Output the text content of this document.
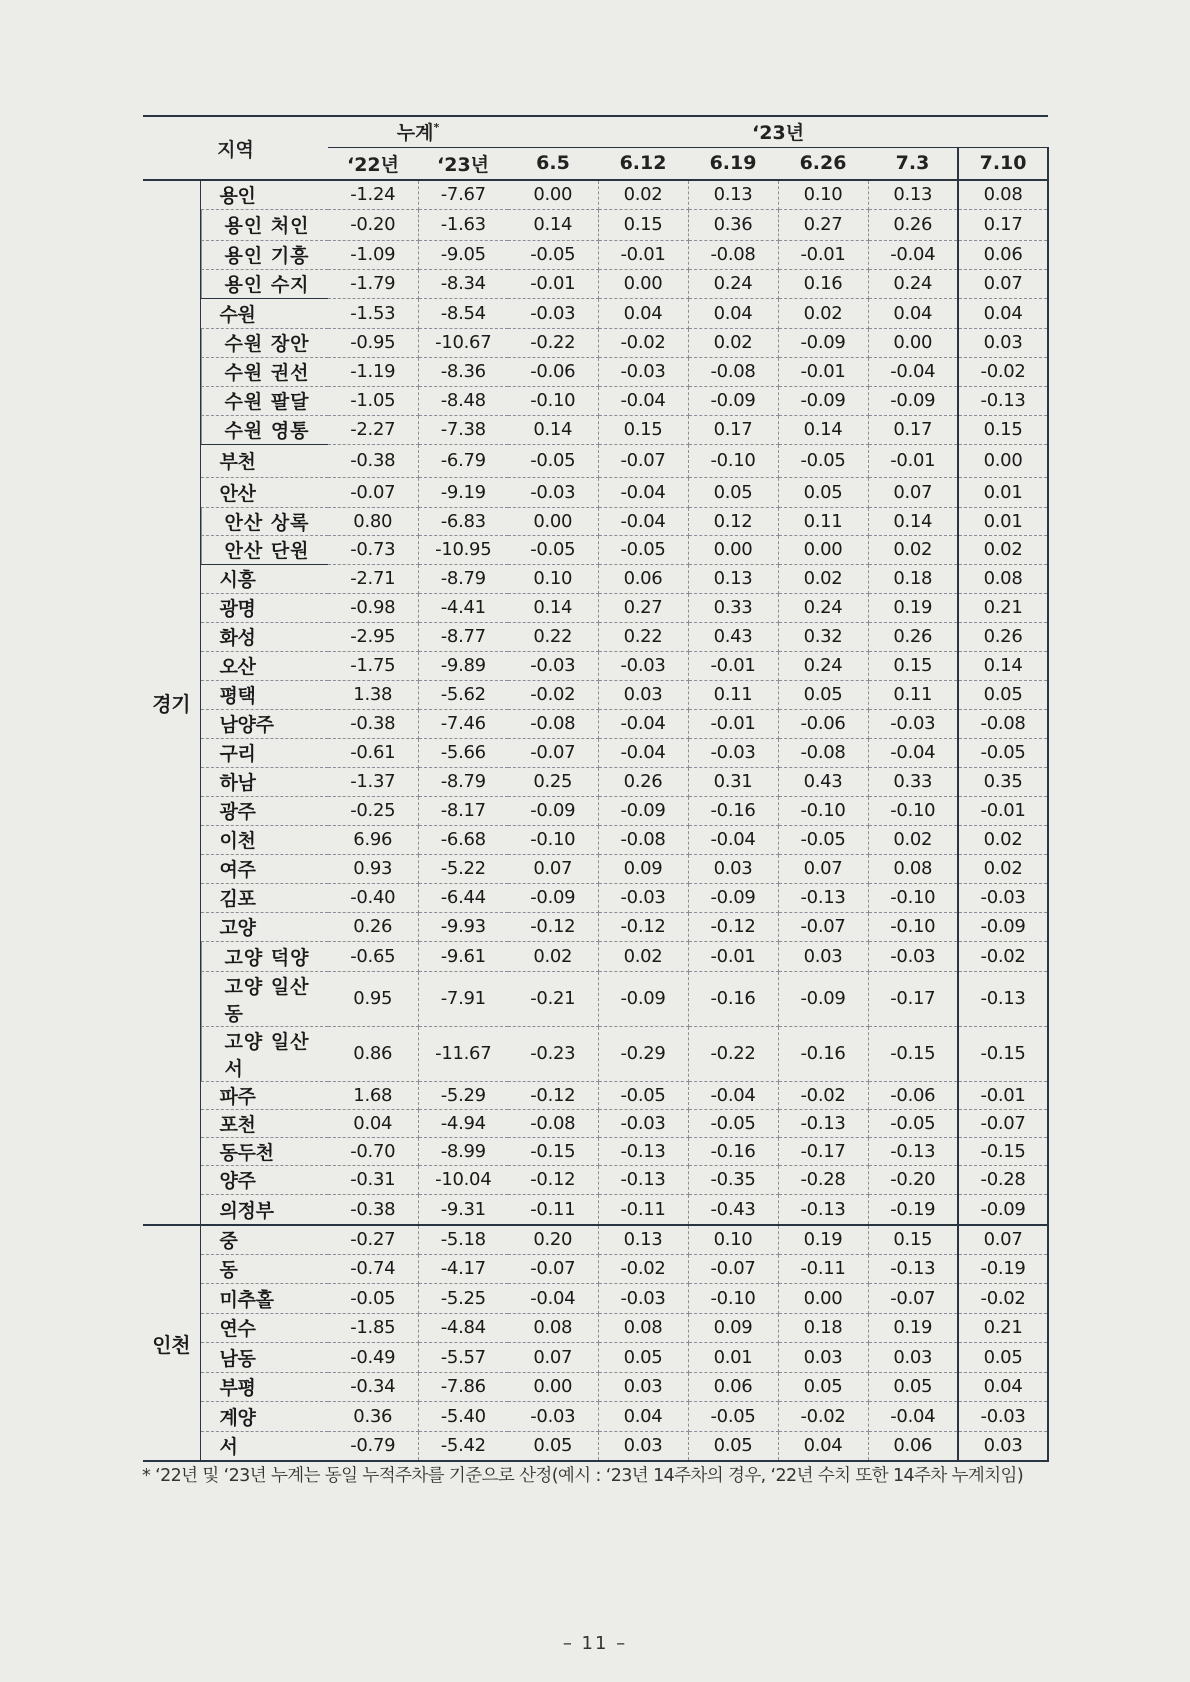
지역		누계*		‘23년					
		‘22년	‘23년	6.5	6.12	6.19	6.26	7.3	7.10
경기	용인	-1.24	-7.67	0.00	0.02	0.13	0.10	0.13	0.08
	용인 처인	-0.20	-1.63	0.14	0.15	0.36	0.27	0.26	0.17
	용인 기흥	-1.09	-9.05	-0.05	-0.01	-0.08	-0.01	-0.04	0.06
	용인 수지	-1.79	-8.34	-0.01	0.00	0.24	0.16	0.24	0.07
	수원	-1.53	-8.54	-0.03	0.04	0.04	0.02	0.04	0.04
	수원 장안	-0.95	-10.67	-0.22	-0.02	0.02	-0.09	0.00	0.03
	수원 권선	-1.19	-8.36	-0.06	-0.03	-0.08	-0.01	-0.04	-0.02
	수원 팔달	-1.05	-8.48	-0.10	-0.04	-0.09	-0.09	-0.09	-0.13
	수원 영통	-2.27	-7.38	0.14	0.15	0.17	0.14	0.17	0.15
	부천	-0.38	-6.79	-0.05	-0.07	-0.10	-0.05	-0.01	0.00
	안산	-0.07	-9.19	-0.03	-0.04	0.05	0.05	0.07	0.01
	안산 상록	0.80	-6.83	0.00	-0.04	0.12	0.11	0.14	0.01
	안산 단원	-0.73	-10.95	-0.05	-0.05	0.00	0.00	0.02	0.02
	시흥	-2.71	-8.79	0.10	0.06	0.13	0.02	0.18	0.08
	광명	-0.98	-4.41	0.14	0.27	0.33	0.24	0.19	0.21
	화성	-2.95	-8.77	0.22	0.22	0.43	0.32	0.26	0.26
	오산	-1.75	-9.89	-0.03	-0.03	-0.01	0.24	0.15	0.14
	평택	1.38	-5.62	-0.02	0.03	0.11	0.05	0.11	0.05
	남양주	-0.38	-7.46	-0.08	-0.04	-0.01	-0.06	-0.03	-0.08
	구리	-0.61	-5.66	-0.07	-0.04	-0.03	-0.08	-0.04	-0.05
	하남	-1.37	-8.79	0.25	0.26	0.31	0.43	0.33	0.35
	광주	-0.25	-8.17	-0.09	-0.09	-0.16	-0.10	-0.10	-0.01
	이천	6.96	-6.68	-0.10	-0.08	-0.04	-0.05	0.02	0.02
	여주	0.93	-5.22	0.07	0.09	0.03	0.07	0.08	0.02
	김포	-0.40	-6.44	-0.09	-0.03	-0.09	-0.13	-0.10	-0.03
	고양	0.26	-9.93	-0.12	-0.12	-0.12	-0.07	-0.10	-0.09
	고양 덕양	-0.65	-9.61	0.02	0.02	-0.01	0.03	-0.03	-0.02
	고양 일산동	0.95	-7.91	-0.21	-0.09	-0.16	-0.09	-0.17	-0.13
	고양 일산서	0.86	-11.67	-0.23	-0.29	-0.22	-0.16	-0.15	-0.15
	파주	1.68	-5.29	-0.12	-0.05	-0.04	-0.02	-0.06	-0.01
	포천	0.04	-4.94	-0.08	-0.03	-0.05	-0.13	-0.05	-0.07
	동두천	-0.70	-8.99	-0.15	-0.13	-0.16	-0.17	-0.13	-0.15
	양주	-0.31	-10.04	-0.12	-0.13	-0.35	-0.28	-0.20	-0.28
	의정부	-0.38	-9.31	-0.11	-0.11	-0.43	-0.13	-0.19	-0.09
인천	중	-0.27	-5.18	0.20	0.13	0.10	0.19	0.15	0.07
	동	-0.74	-4.17	-0.07	-0.02	-0.07	-0.11	-0.13	-0.19
	미추홀	-0.05	-5.25	-0.04	-0.03	-0.10	0.00	-0.07	-0.02
	연수	-1.85	-4.84	0.08	0.08	0.09	0.18	0.19	0.21
	남동	-0.49	-5.57	0.07	0.05	0.01	0.03	0.03	0.05
	부평	-0.34	-7.86	0.00	0.03	0.06	0.05	0.05	0.04
	계양	0.36	-5.40	-0.03	0.04	-0.05	-0.02	-0.04	-0.03
	서	-0.79	-5.42	0.05	0.03	0.05	0.04	0.06	0.03
* ‘22년 및 ‘23년 누계는 동일 누적주차를 기준으로 산정(예시 : ‘23년 14주차의 경우, ‘22년 수치 또한 14주차 누계치임)
– 11 –
